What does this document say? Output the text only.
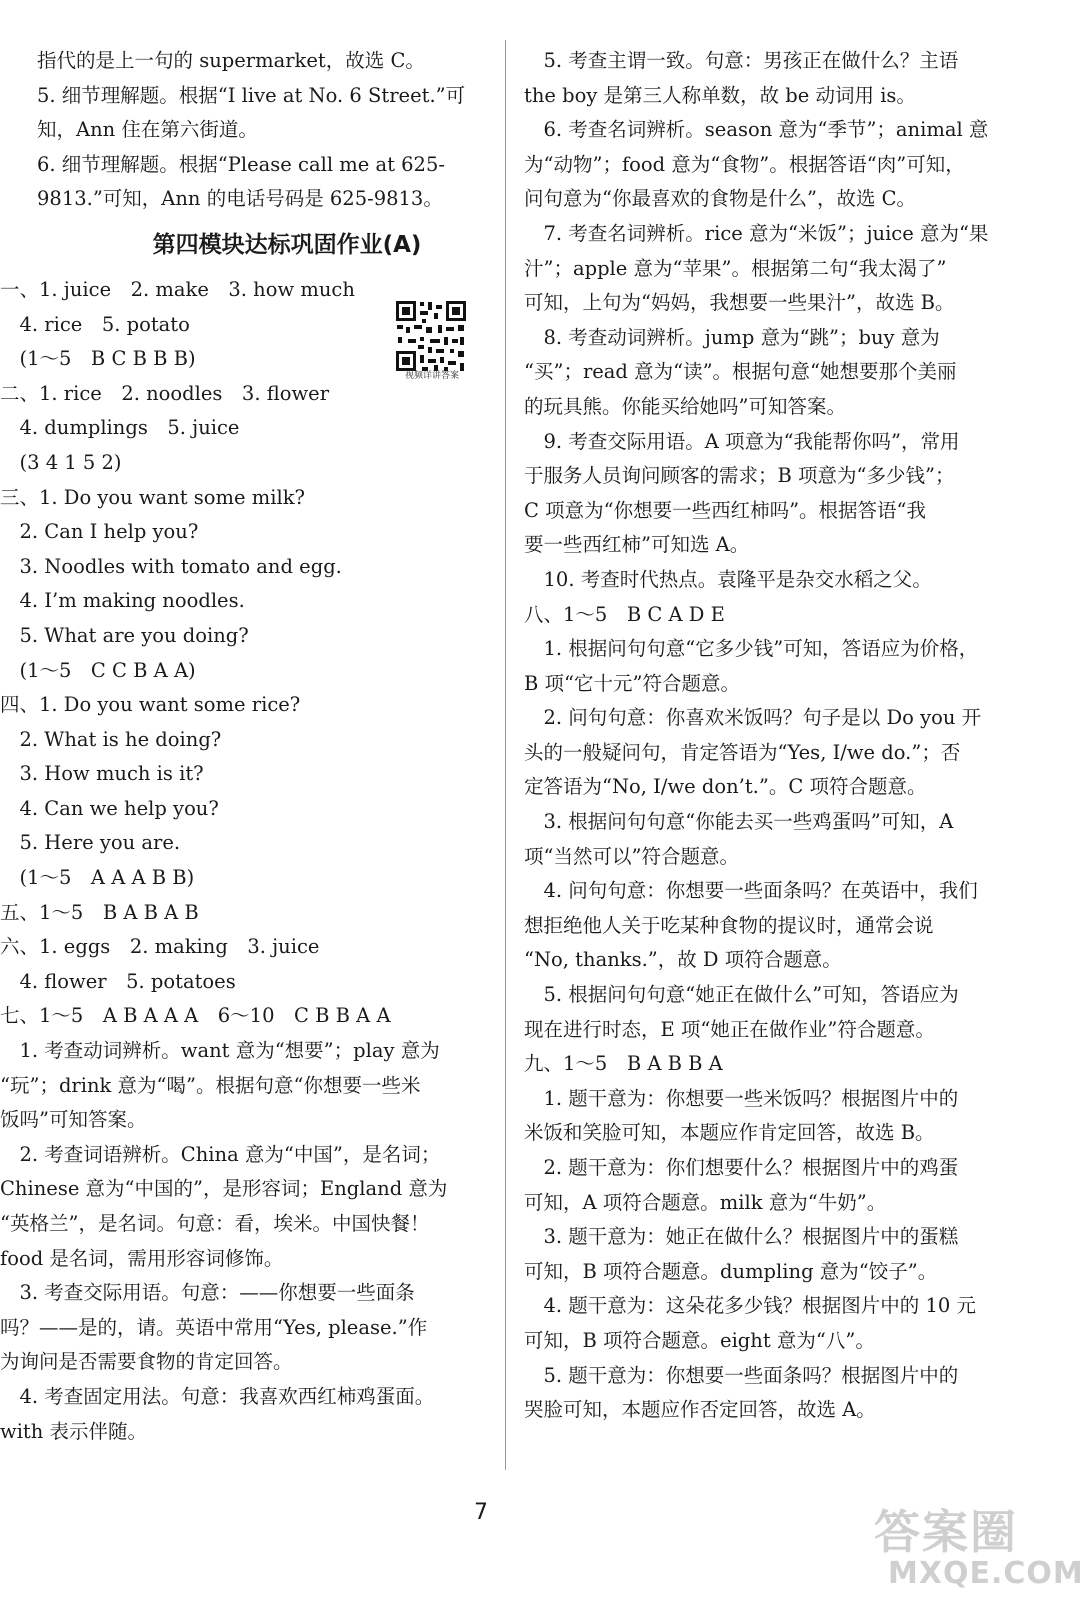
指代的是上一句的 supermarket，故选 C。
5. 细节理解题。根据“I live at No. 6 Street.”可
知，Ann 住在第六街道。
6. 细节理解题。根据“Please call me at 625-
9813.”可知，Ann 的电话号码是 625-9813。
第四模块达标巩固作业(A)
一、1. juice　2. make　3. how much
　4. rice　5. potato
　(1～5　B C B B B)
二、1. rice　2. noodles　3. flower
　4. dumplings　5. juice
　(3 4 1 5 2)
三、1. Do you want some milk?
　2. Can I help you?
　3. Noodles with tomato and egg.
　4. I’m making noodles.
　5. What are you doing?
　(1～5　C C B A A)
四、1. Do you want some rice?
　2. What is he doing?
　3. How much is it?
　4. Can we help you?
　5. Here you are.
　(1～5　A A A B B)
五、1～5　B A B A B
六、1. eggs　2. making　3. juice
　4. flower　5. potatoes
七、1～5　A B A A A　6～10　C B B A A
　1. 考查动词辨析。want 意为“想要”；play 意为
“玩”；drink 意为“喝”。根据句意“你想要一些米
饭吗”可知答案。
　2. 考查词语辨析。China 意为“中国”，是名词；
Chinese 意为“中国的”，是形容词；England 意为
“英格兰”，是名词。句意：看，埃米。中国快餐！
food 是名词，需用形容词修饰。
　3. 考查交际用语。句意：——你想要一些面条
吗？——是的，请。英语中常用“Yes, please.”作
为询问是否需要食物的肯定回答。
　4. 考查固定用法。句意：我喜欢西红柿鸡蛋面。
with 表示伴随。
视频详讲答案
　5. 考查主谓一致。句意：男孩正在做什么？主语
the boy 是第三人称单数，故 be 动词用 is。
　6. 考查名词辨析。season 意为“季节”；animal 意
为“动物”；food 意为“食物”。根据答语“肉”可知，
问句意为“你最喜欢的食物是什么”，故选 C。
　7. 考查名词辨析。rice 意为“米饭”；juice 意为“果
汁”；apple 意为“苹果”。根据第二句“我太渴了”
可知，上句为“妈妈，我想要一些果汁”，故选 B。
　8. 考查动词辨析。jump 意为“跳”；buy 意为
“买”；read 意为“读”。根据句意“她想要那个美丽
的玩具熊。你能买给她吗”可知答案。
　9. 考查交际用语。A 项意为“我能帮你吗”，常用
于服务人员询问顾客的需求；B 项意为“多少钱”；
C 项意为“你想要一些西红柿吗”。根据答语“我
要一些西红柿”可知选 A。
　10. 考查时代热点。袁隆平是杂交水稻之父。
八、1～5　B C A D E
　1. 根据问句句意“它多少钱”可知，答语应为价格，
B 项“它十元”符合题意。
　2. 问句句意：你喜欢米饭吗？句子是以 Do you 开
头的一般疑问句，肯定答语为“Yes, I/we do.”；否
定答语为“No, I/we don’t.”。C 项符合题意。
　3. 根据问句句意“你能去买一些鸡蛋吗”可知，A
项“当然可以”符合题意。
　4. 问句句意：你想要一些面条吗？在英语中，我们
想拒绝他人关于吃某种食物的提议时，通常会说
“No, thanks.”，故 D 项符合题意。
　5. 根据问句句意“她正在做什么”可知，答语应为
现在进行时态，E 项“她正在做作业”符合题意。
九、1～5　B A B B A
　1. 题干意为：你想要一些米饭吗？根据图片中的
米饭和笑脸可知，本题应作肯定回答，故选 B。
　2. 题干意为：你们想要什么？根据图片中的鸡蛋
可知，A 项符合题意。milk 意为“牛奶”。
　3. 题干意为：她正在做什么？根据图片中的蛋糕
可知，B 项符合题意。dumpling 意为“饺子”。
　4. 题干意为：这朵花多少钱？根据图片中的 10 元
可知，B 项符合题意。eight 意为“八”。
　5. 题干意为：你想要一些面条吗？根据图片中的
哭脸可知，本题应作否定回答，故选 A。
7	答案圈
MXQE.COM
